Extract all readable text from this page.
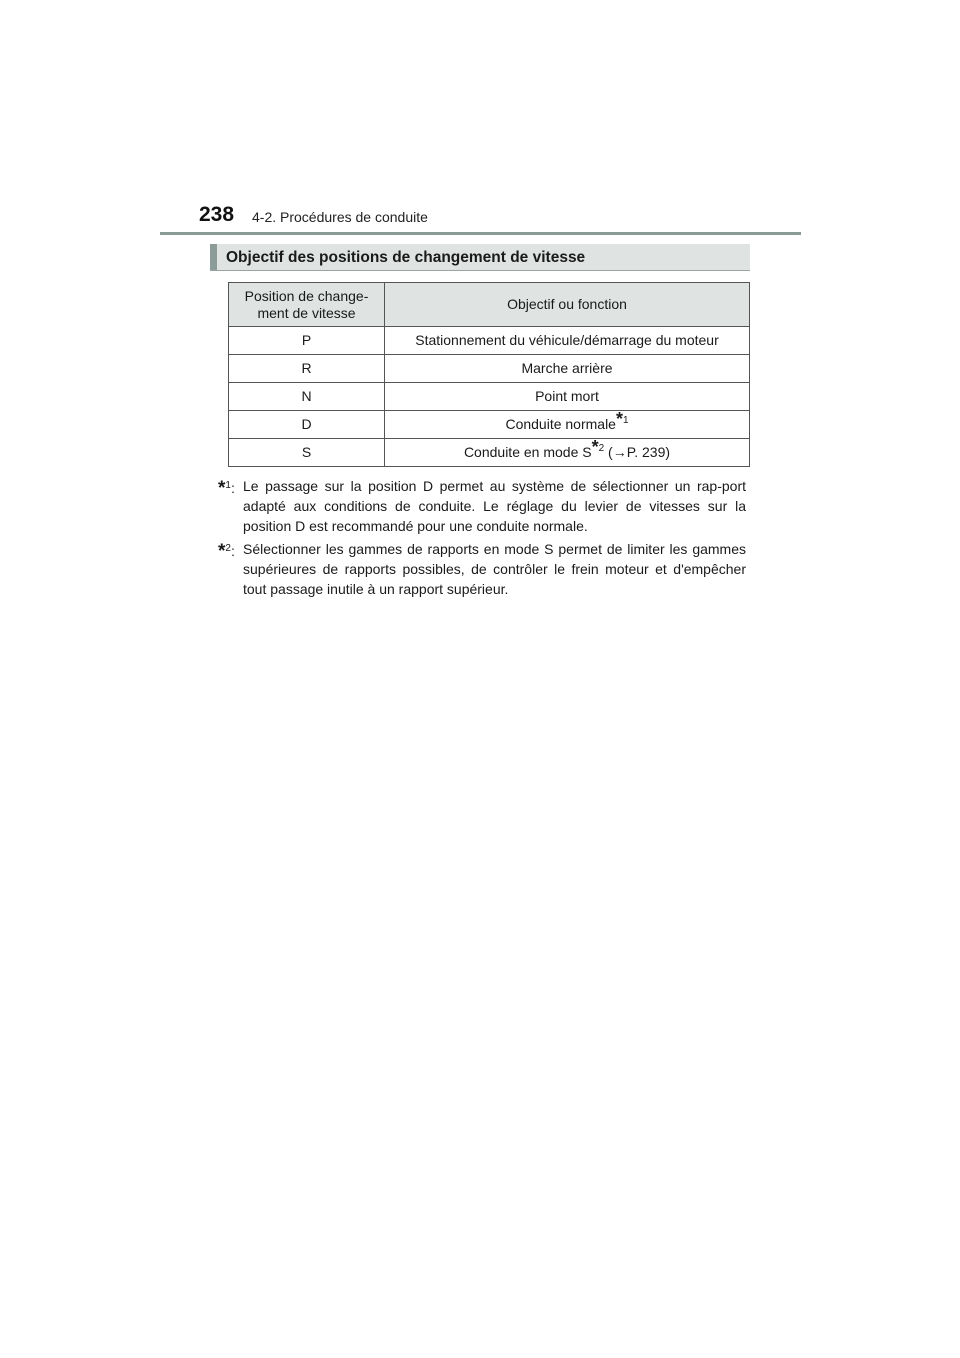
238 4-2. Procédures de conduite
Objectif des positions de changement de vitesse
Position de change-ment de vitesse	Objectif ou fonction
P	Stationnement du véhicule/démarrage du moteur
R	Marche arrière
N	Point mort
D	Conduite normale$^{*1}$
S	Conduite en mode $S^{*2}$ (→P. 239)
*$^1$: Le passage sur la position D permet au système de sélectionner un rap-port adapté aux conditions de conduite. Le réglage du levier de vitesses sur la position D est recommandé pour une conduite normale.
*$^2$: Sélectionner les gammes de rapports en mode S permet de limiter les gammes supérieures de rapports possibles, de contrôler le frein moteur et d'empêcher tout passage inutile à un rapport supérieur.
